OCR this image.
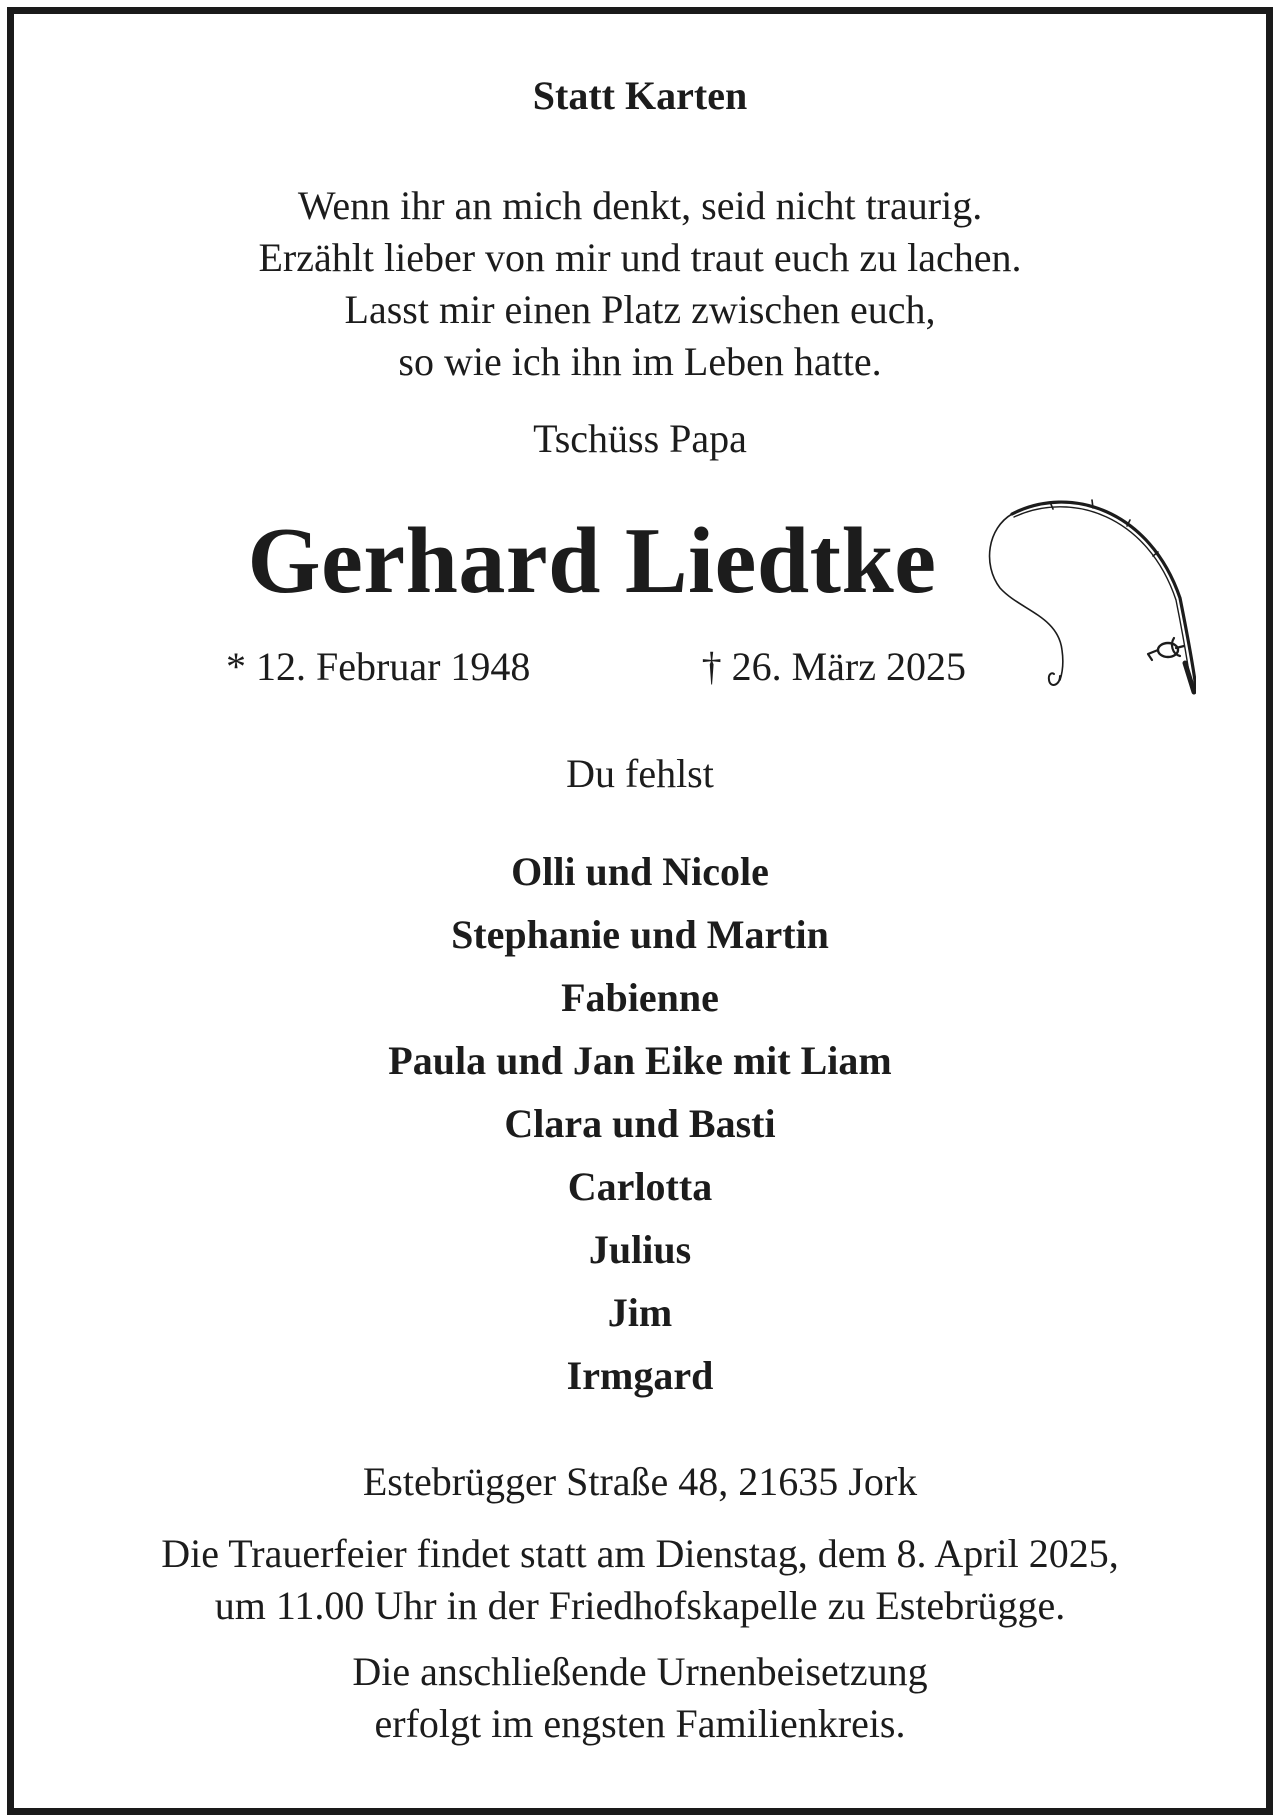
Statt Karten
Wenn ihr an mich denkt, seid nicht traurig.
Erzählt lieber von mir und traut euch zu lachen.
Lasst mir einen Platz zwischen euch,
so wie ich ihn im Leben hatte.
Tschüss Papa
Gerhard Liedtke
* 12. Februar 1948	† 26. März 2025
Du fehlst
Olli und Nicole
Stephanie und Martin
Fabienne
Paula und Jan Eike mit Liam
Clara und Basti
Carlotta
Julius
Jim
Irmgard
Estebrügger Straße 48, 21635 Jork
Die Trauerfeier findet statt am Dienstag, dem 8. April 2025,
um 11.00 Uhr in der Friedhofskapelle zu Estebrügge.
Die anschließende Urnenbeisetzung
erfolgt im engsten Familienkreis.
